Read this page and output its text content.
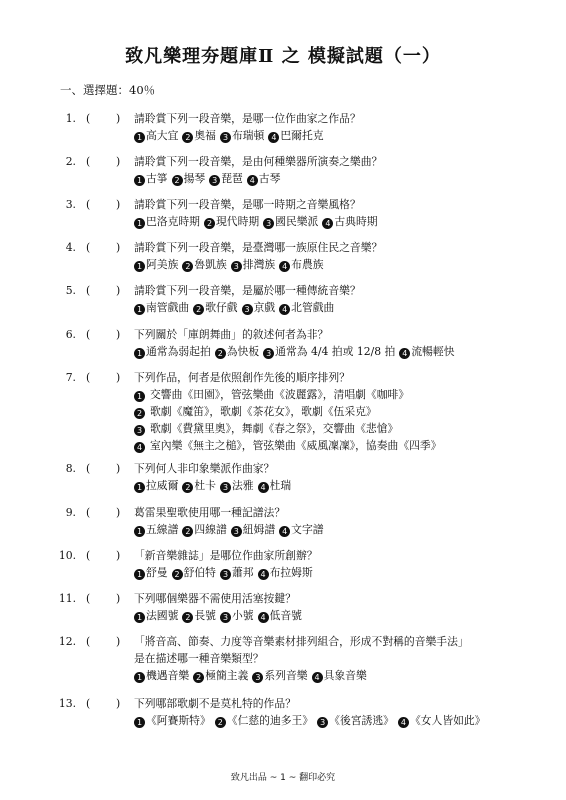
致凡樂理夯題庫Ⅱ 之 模擬試題（一）
一、選擇題：40％
1. ( ) 請聆賞下列一段音樂，是哪一位作曲家之作品？
1 高大宜 2 奧福 3 布瑞頓 4 巴爾托克
2. ( ) 請聆賞下列一段音樂，是由何種樂器所演奏之樂曲？
1 古箏 2 揚琴 3 琵琶 4 古琴
3. ( ) 請聆賞下列一段音樂，是哪一時期之音樂風格？
1 巴洛克時期 2 現代時期 3 國民樂派 4 古典時期
4. ( ) 請聆賞下列一段音樂，是臺灣哪一族原住民之音樂？
1 阿美族 2 魯凱族 3 排灣族 4 布農族
5. ( ) 請聆賞下列一段音樂，是屬於哪一種傳統音樂？
1 南管戲曲 2 歌仔戲 3 京戲 4 北管戲曲
6. ( ) 下列關於「庫朗舞曲」的敘述何者為非？
1 通常為弱起拍 2 為快板 3 通常為 4/4 拍或 12/8 拍 4 流暢輕快
7. ( ) 下列作品，何者是依照創作先後的順序排列？
1 交響曲《田園》，管弦樂曲《波麗露》，清唱劇《咖啡》
2 歌劇《魔笛》，歌劇《茶花女》，歌劇《伍采克》
3 歌劇《費黛里奧》，舞劇《春之祭》，交響曲《悲愴》
4 室內樂《無主之槌》，管弦樂曲《威風凜凜》，協奏曲《四季》
8. ( ) 下列何人非印象樂派作曲家？
1 拉威爾 2 杜卡 3 法雅 4 杜瑞
9. ( ) 葛雷果聖歌使用哪一種記譜法？
1 五線譜 2 四線譜 3 紐姆譜 4 文字譜
10. ( ) 「新音樂雜誌」是哪位作曲家所創辦？
1 舒曼 2 舒伯特 3 蕭邦 4 布拉姆斯
11. ( ) 下列哪個樂器不需使用活塞按鍵？
1 法國號 2 長號 3 小號 4 低音號
12. ( ) 「將音高、節奏、力度等音樂素材排列組合，形成不對稱的音樂手法」
是在描述哪一種音樂類型？
1 機遇音樂 2 極簡主義 3 系列音樂 4 具象音樂
13. ( ) 下列哪部歌劇不是莫札特的作品？
1 《阿賽斯特》 2 《仁慈的迪多王》 3 《後宮誘逃》 4 《女人皆如此》
致凡出品 ~ 1 ~ 翻印必究
